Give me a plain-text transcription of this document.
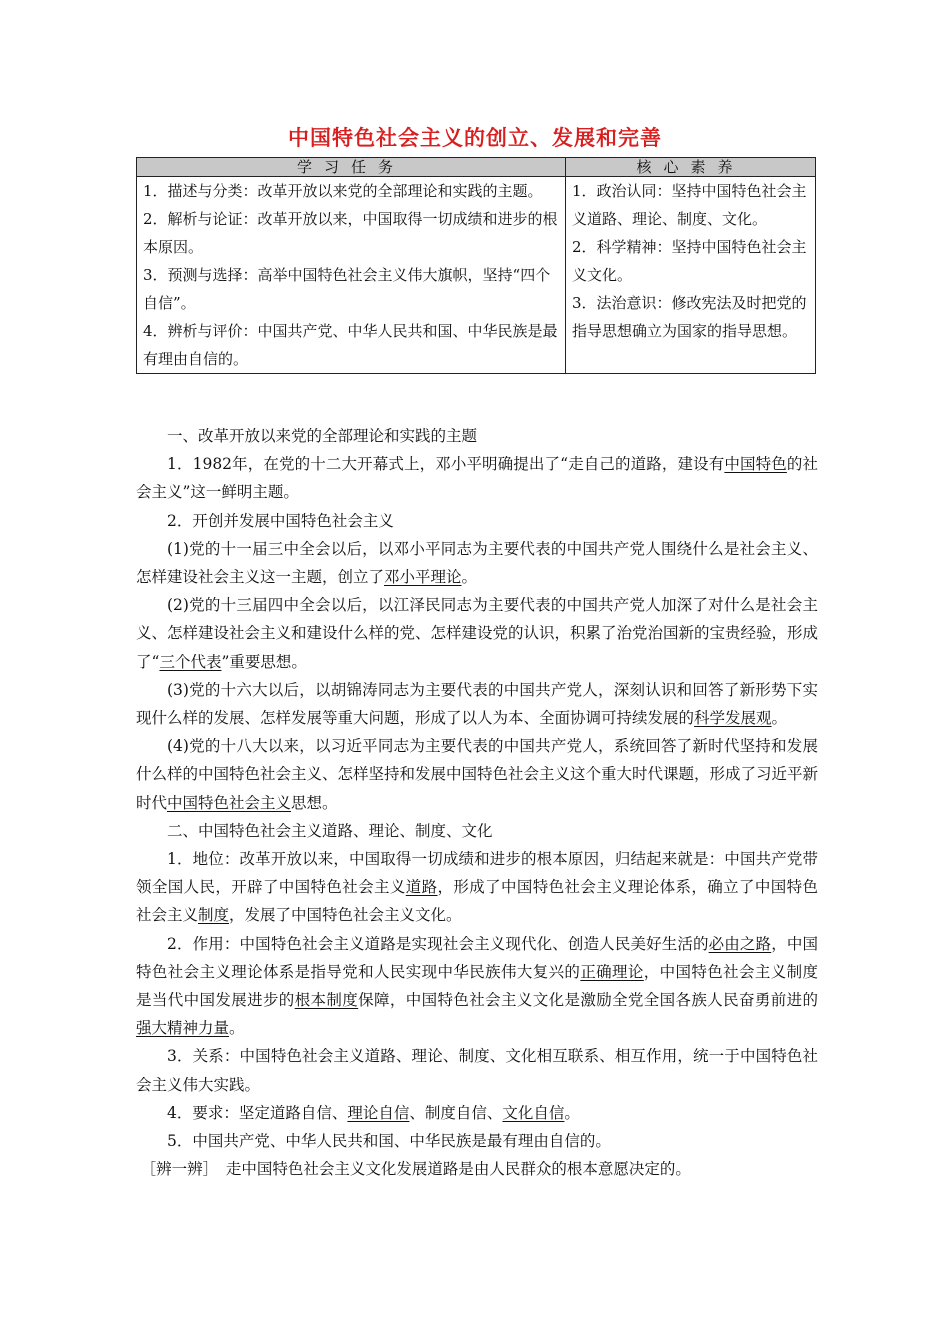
中国特色社会主义的创立、发展和完善
学习任务	核心素养

1．描述与分类：改革开放以来党的全部理论和实践的主题。
2．解析与论证：改革开放以来，中国取得一切成绩和进步的根本原因。
3．预测与选择：高举中国特色社会主义伟大旗帜，坚持“四个自信”。
4．辨析与评价：中国共产党、中华人民共和国、中华民族是最有理由自信的。	1．政治认同：坚持中国特色社会主义道路、理论、制度、文化。
2．科学精神：坚持中国特色社会主义文化。
3．法治意识：修改宪法及时把党的指导思想确立为国家的指导思想。

一、改革开放以来党的全部理论和实践的主题

1．1982年，在党的十二大开幕式上，邓小平明确提出了“走自己的道路，建设有中国特色的社会主义”这一鲜明主题。

2．开创并发展中国特色社会主义

(1)党的十一届三中全会以后，以邓小平同志为主要代表的中国共产党人围绕什么是社会主义、怎样建设社会主义这一主题，创立了邓小平理论。

(2)党的十三届四中全会以后，以江泽民同志为主要代表的中国共产党人加深了对什么是社会主义、怎样建设社会主义和建设什么样的党、怎样建设党的认识，积累了治党治国新的宝贵经验，形成了“三个代表”重要思想。

(3)党的十六大以后，以胡锦涛同志为主要代表的中国共产党人，深刻认识和回答了新形势下实现什么样的发展、怎样发展等重大问题，形成了以人为本、全面协调可持续发展的科学发展观。

(4)党的十八大以来，以习近平同志为主要代表的中国共产党人，系统回答了新时代坚持和发展什么样的中国特色社会主义、怎样坚持和发展中国特色社会主义这个重大时代课题，形成了习近平新时代中国特色社会主义思想。

二、中国特色社会主义道路、理论、制度、文化

1．地位：改革开放以来，中国取得一切成绩和进步的根本原因，归结起来就是：中国共产党带领全国人民，开辟了中国特色社会主义道路，形成了中国特色社会主义理论体系，确立了中国特色社会主义制度，发展了中国特色社会主义文化。

2．作用：中国特色社会主义道路是实现社会主义现代化、创造人民美好生活的必由之路，中国特色社会主义理论体系是指导党和人民实现中华民族伟大复兴的正确理论，中国特色社会主义制度是当代中国发展进步的根本制度保障，中国特色社会主义文化是激励全党全国各族人民奋勇前进的强大精神力量。

3．关系：中国特色社会主义道路、理论、制度、文化相互联系、相互作用，统一于中国特色社会主义伟大实践。

4．要求：坚定道路自信、理论自信、制度自信、文化自信。

5．中国共产党、中华人民共和国、中华民族是最有理由自信的。

［辨一辨］　走中国特色社会主义文化发展道路是由人民群众的根本意愿决定的。
